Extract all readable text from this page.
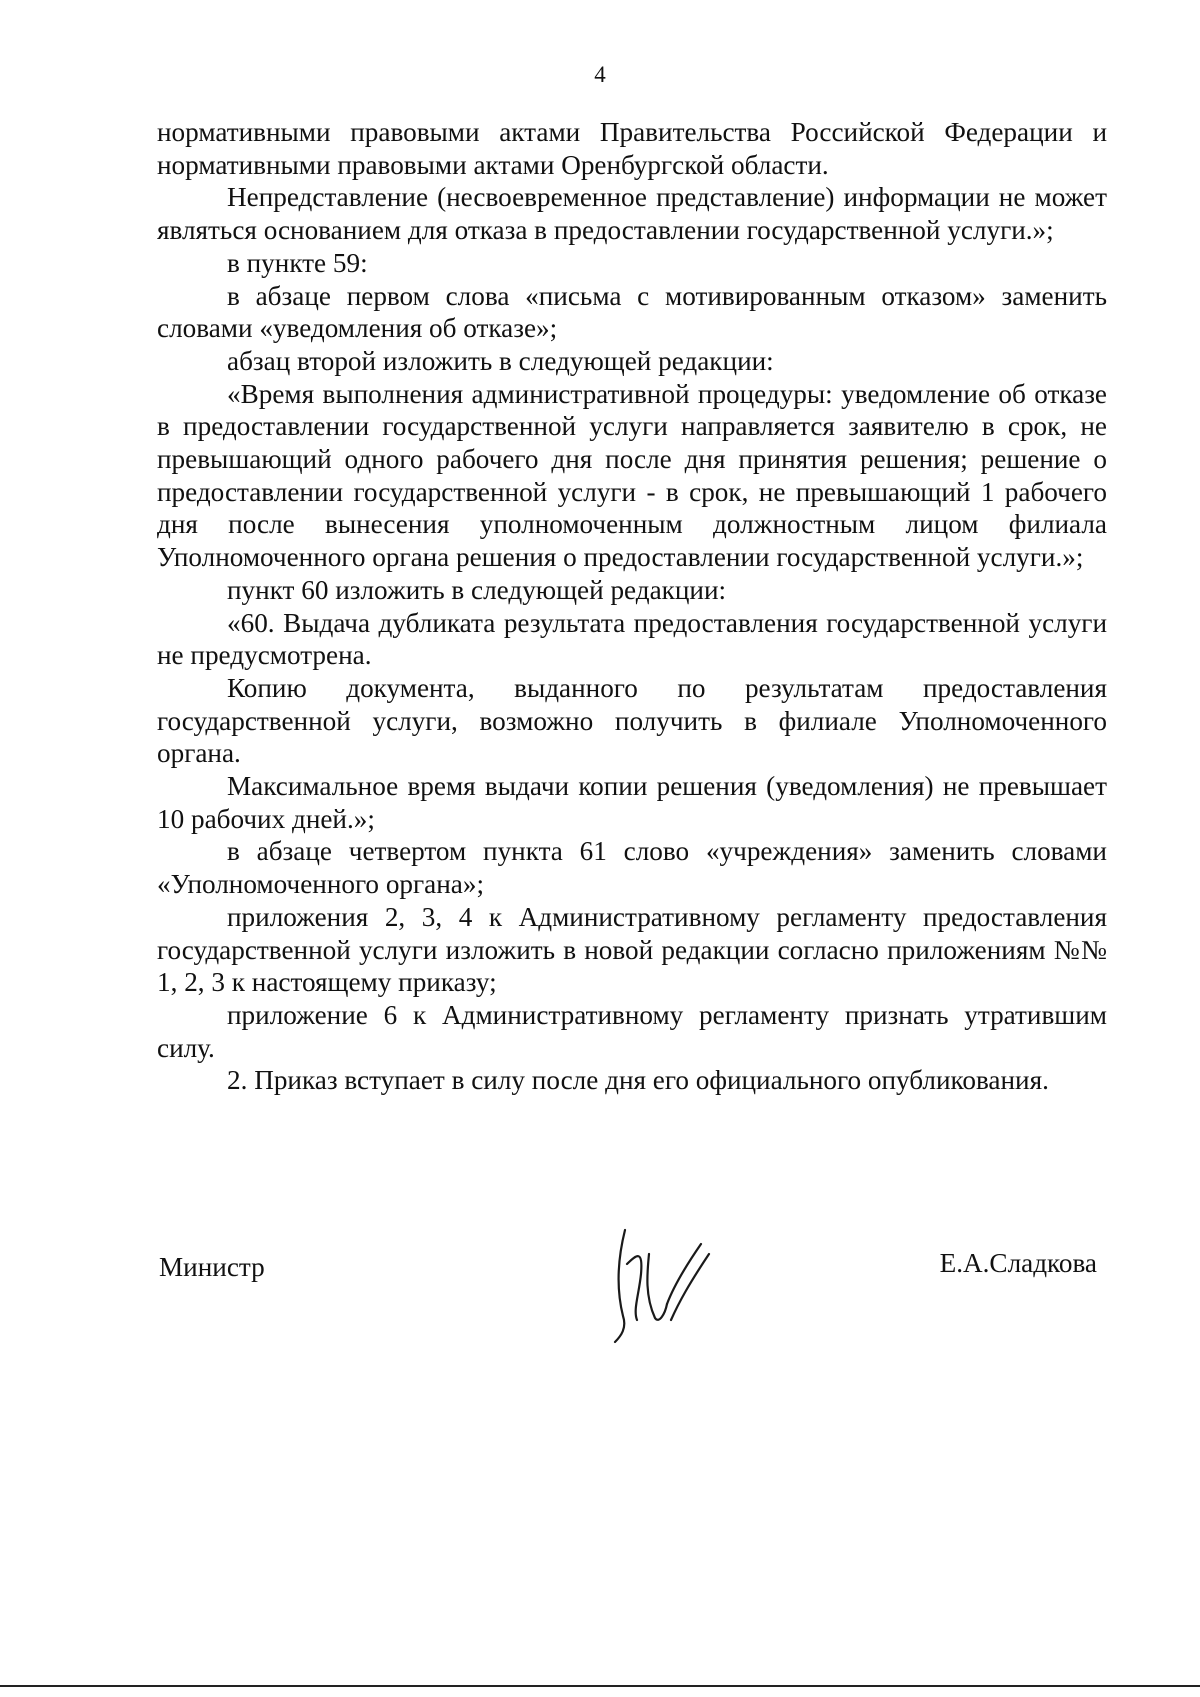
4

нормативными правовыми актами Правительства Российской Федерации и нормативными правовыми актами Оренбургской области.

Непредставление (несвоевременное представление) информации не может являться основанием для отказа в предоставлении государственной услуги.»;

в пункте 59:

в абзаце первом слова «письма с мотивированным отказом» заменить словами «уведомления об отказе»;

абзац второй изложить в следующей редакции:

«Время выполнения административной процедуры: уведомление об отказе в предоставлении государственной услуги направляется заявителю в срок, не превышающий одного рабочего дня после дня принятия решения; решение о предоставлении государственной услуги - в срок, не превышающий 1 рабочего дня после вынесения уполномоченным должностным лицом филиала Уполномоченного органа решения о предоставлении государственной услуги.»;

пункт 60 изложить в следующей редакции:

«60. Выдача дубликата результата предоставления государственной услуги не предусмотрена.

Копию документа, выданного по результатам предоставления государственной услуги, возможно получить в филиале Уполномоченного органа.

Максимальное время выдачи копии решения (уведомления) не превышает 10 рабочих дней.»;

в абзаце четвертом пункта 61 слово «учреждения» заменить словами «Уполномоченного органа»;

приложения 2, 3, 4 к Административному регламенту предоставления государственной услуги изложить в новой редакции согласно приложениям №№ 1, 2, 3 к настоящему приказу;

приложение 6 к Административному регламенту признать утратившим силу.

2. Приказ вступает в силу после дня его официального опубликования.

Министр	Е.А.Сладкова
